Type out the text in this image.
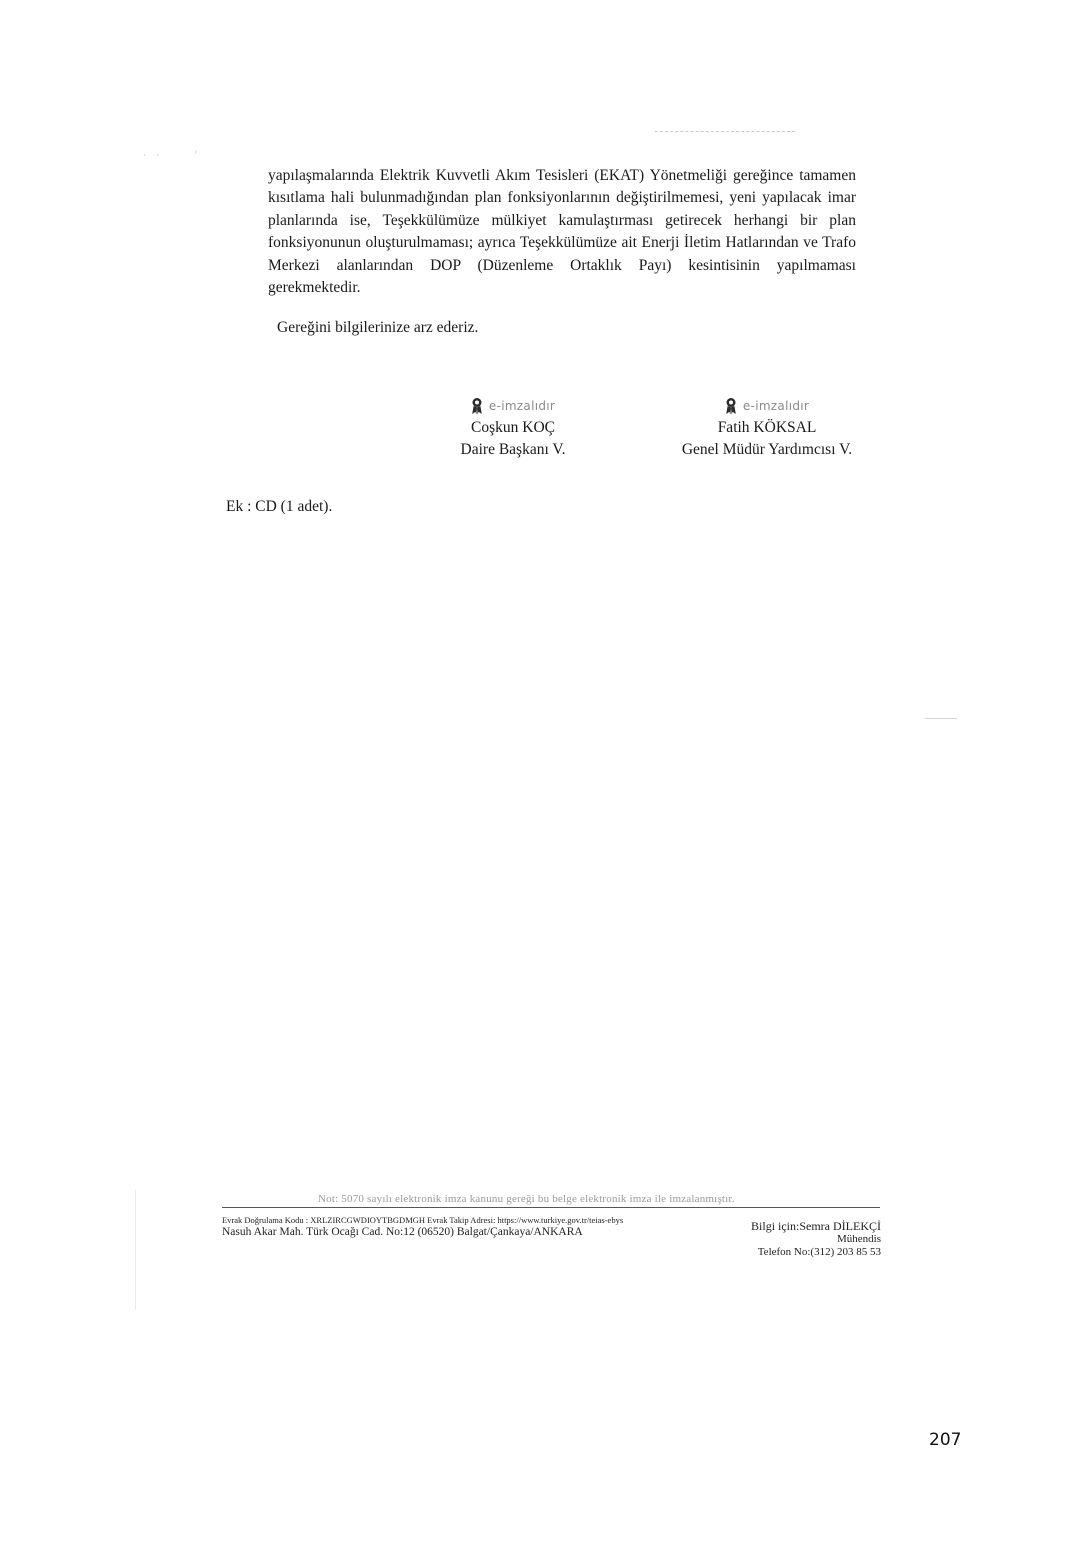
· ·	ʳ

yapılaşmalarında Elektrik Kuvvetli Akım Tesisleri (EKAT) Yönetmeliği gereğince tamamen kısıtlama hali bulunmadığından plan fonksiyonlarının değiştirilmemesi, yeni yapılacak imar planlarında ise, Teşekkülümüze mülkiyet kamulaştırması getirecek herhangi bir plan fonksiyonunun oluşturulmaması; ayrıca Teşekkülümüze ait Enerji İletim Hatlarından ve Trafo Merkezi alanlarından DOP (Düzenleme Ortaklık Payı) kesintisinin yapılmaması gerekmektedir.

Gereğini bilgilerinize arz ederiz.

e-imzalıdır
Coşkun KOÇ
Daire Başkanı V.
e-imzalıdır
Fatih KÖKSAL
Genel Müdür Yardımcısı V.

Ek : CD (1 adet).

Not: 5070 sayılı elektronik imza kanunu gereği bu belge elektronik imza ile imzalanmıştır.
Evrak Doğrulama Kodu : XRLZIRCGWDIOYTBGDMGH Evrak Takip Adresi: https://www.turkiye.gov.tr/teias-ebys
Nasuh Akar Mah. Türk Ocağı Cad. No:12 (06520) Balgat/Çankaya/ANKARA	Bilgi için:Semra DİLEKÇİ
Mühendis
Telefon No:(312) 203 85 53
207
